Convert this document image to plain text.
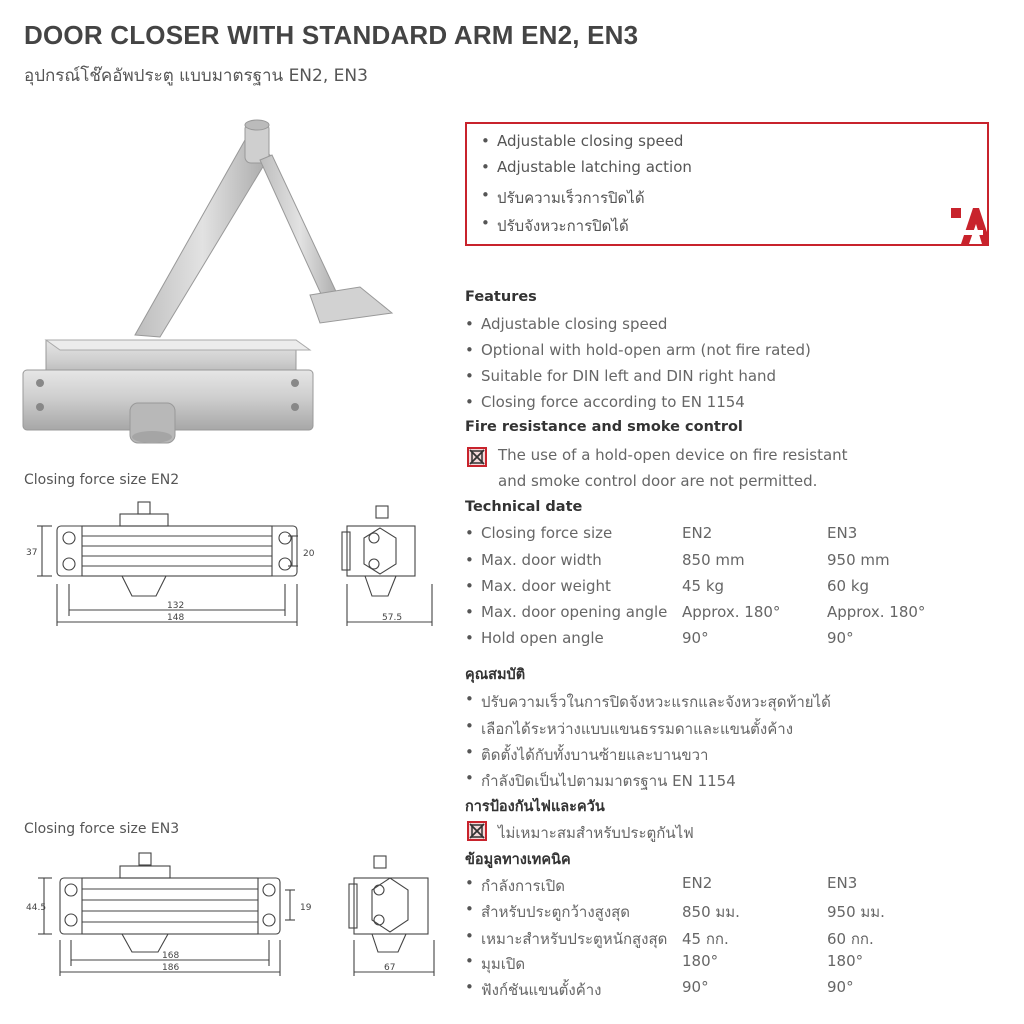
DOOR CLOSER WITH STANDARD ARM EN2, EN3
อุปกรณ์โช๊คอัพประตู แบบมาตรฐาน EN2, EN3
Closing force size EN2
37	20
132
148	57.5
Closing force size EN3
44.5	19
168
186	67
• Adjustable closing speed
• Adjustable latching action
• ปรับความเร็วการปิดได้
• ปรับจังหวะการปิดได้
Features
• Adjustable closing speed
• Optional with hold-open arm (not fire rated)
• Suitable for DIN left and DIN right hand
• Closing force according to EN 1154
Fire resistance and smoke control
The use of a hold-open device on fire resistant
and smoke control door are not permitted.
Technical date
• Closing force size	EN2	EN3
• Max. door width	850 mm	950 mm
• Max. door weight	45 kg	60 kg
• Max. door opening angle Approx. 180°	Approx. 180°
• Hold open angle	90°	90°
คุณสมบัติ
• ปรับความเร็วในการปิดจังหวะแรกและจังหวะสุดท้ายได้
• เลือกได้ระหว่างแบบแขนธรรมดาและแขนตั้งค้าง
• ติดตั้งได้กับทั้งบานซ้ายและบานขวา
• กำลังปิดเป็นไปตามมาตรฐาน EN 1154
การป้องกันไฟและควัน
ไม่เหมาะสมสำหรับประตูกันไฟ
ข้อมูลทางเทคนิค
• กำลังการเปิด	EN2	EN3
• สำหรับประตูกว้างสูงสุด	850 มม.	950 มม.
• เหมาะสำหรับประตูหนักสูงสุด 45 กก.	60 กก.
• มุมเปิด	180°	180°
• ฟังก์ชันแขนตั้งค้าง	90°	90°
